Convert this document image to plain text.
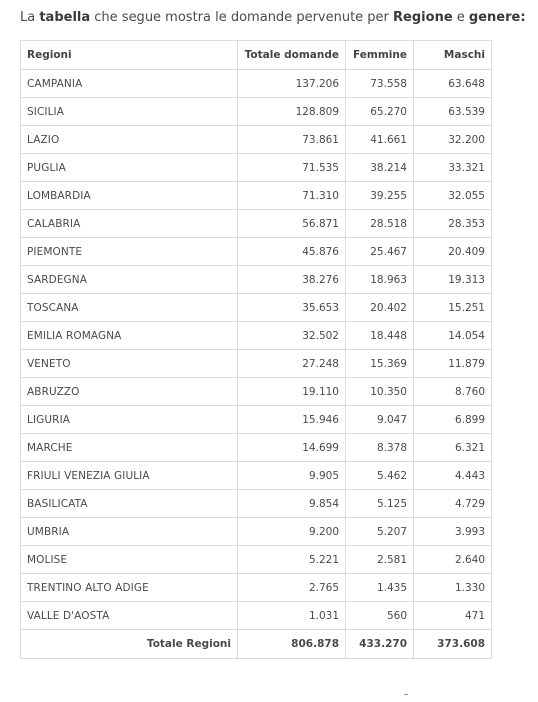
La tabella che segue mostra le domande pervenute per Regione e genere:

Regioni	Totale domande	Femmine	Maschi
CAMPANIA	137.206	73.558	63.648
SICILIA	128.809	65.270	63.539
LAZIO	73.861	41.661	32.200
PUGLIA	71.535	38.214	33.321
LOMBARDIA	71.310	39.255	32.055
CALABRIA	56.871	28.518	28.353
PIEMONTE	45.876	25.467	20.409
SARDEGNA	38.276	18.963	19.313
TOSCANA	35.653	20.402	15.251
EMILIA ROMAGNA	32.502	18.448	14.054
VENETO	27.248	15.369	11.879
ABRUZZO	19.110	10.350	8.760
LIGURIA	15.946	9.047	6.899
MARCHE	14.699	8.378	6.321
FRIULI VENEZIA GIULIA	9.905	5.462	4.443
BASILICATA	9.854	5.125	4.729
UMBRIA	9.200	5.207	3.993
MOLISE	5.221	2.581	2.640
TRENTINO ALTO ADIGE	2.765	1.435	1.330
VALLE D'AOSTA	1.031	560	471
Totale Regioni	806.878	433.270	373.608
